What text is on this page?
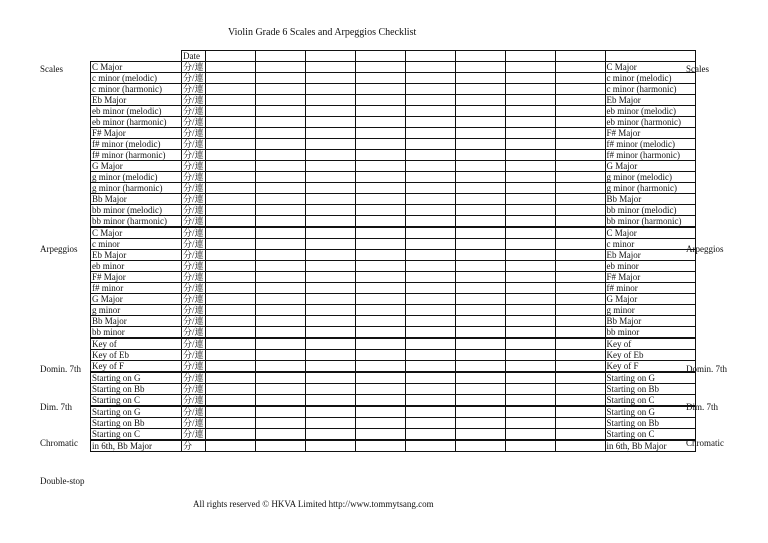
Violin Grade 6 Scales and Arpeggios Checklist
Scales
Arpeggios
Domin. 7th
Dim. 7th
Chromatic
Double-stop
Scales
Arpeggios
Domin. 7th
Dim. 7th
Chromatic
	Date									
C Major	分/連									C Major
c minor (melodic)	分/連									c minor (melodic)
c minor (harmonic)	分/連									c minor (harmonic)
Eb Major	分/連									Eb Major
eb minor (melodic)	分/連									eb minor (melodic)
eb minor (harmonic)	分/連									eb minor (harmonic)
F# Major	分/連									F# Major
f# minor (melodic)	分/連									f# minor (melodic)
f# minor (harmonic)	分/連									f# minor (harmonic)
G Major	分/連									G Major
g minor (melodic)	分/連									g minor (melodic)
g minor (harmonic)	分/連									g minor (harmonic)
Bb Major	分/連									Bb Major
bb minor (melodic)	分/連									bb minor (melodic)
bb minor (harmonic)	分/連									bb minor (harmonic)
C Major	分/連									C Major
c minor	分/連									c minor
Eb Major	分/連									Eb Major
eb minor	分/連									eb minor
F# Major	分/連									F# Major
f# minor	分/連									f# minor
G Major	分/連									G Major
g minor	分/連									g minor
Bb Major	分/連									Bb Major
bb minor	分/連									bb minor
Key of	分/連									Key of
Key of Eb	分/連									Key of Eb
Key of F	分/連									Key of F
Starting on G	分/連									Starting on G
Starting on Bb	分/連									Starting on Bb
Starting on C	分/連									Starting on C
Starting on G	分/連									Starting on G
Starting on Bb	分/連									Starting on Bb
Starting on C	分/連									Starting on C
in 6th, Bb Major	分									in 6th, Bb Major
All rights reserved © HKVA Limited http://www.tommytsang.com
